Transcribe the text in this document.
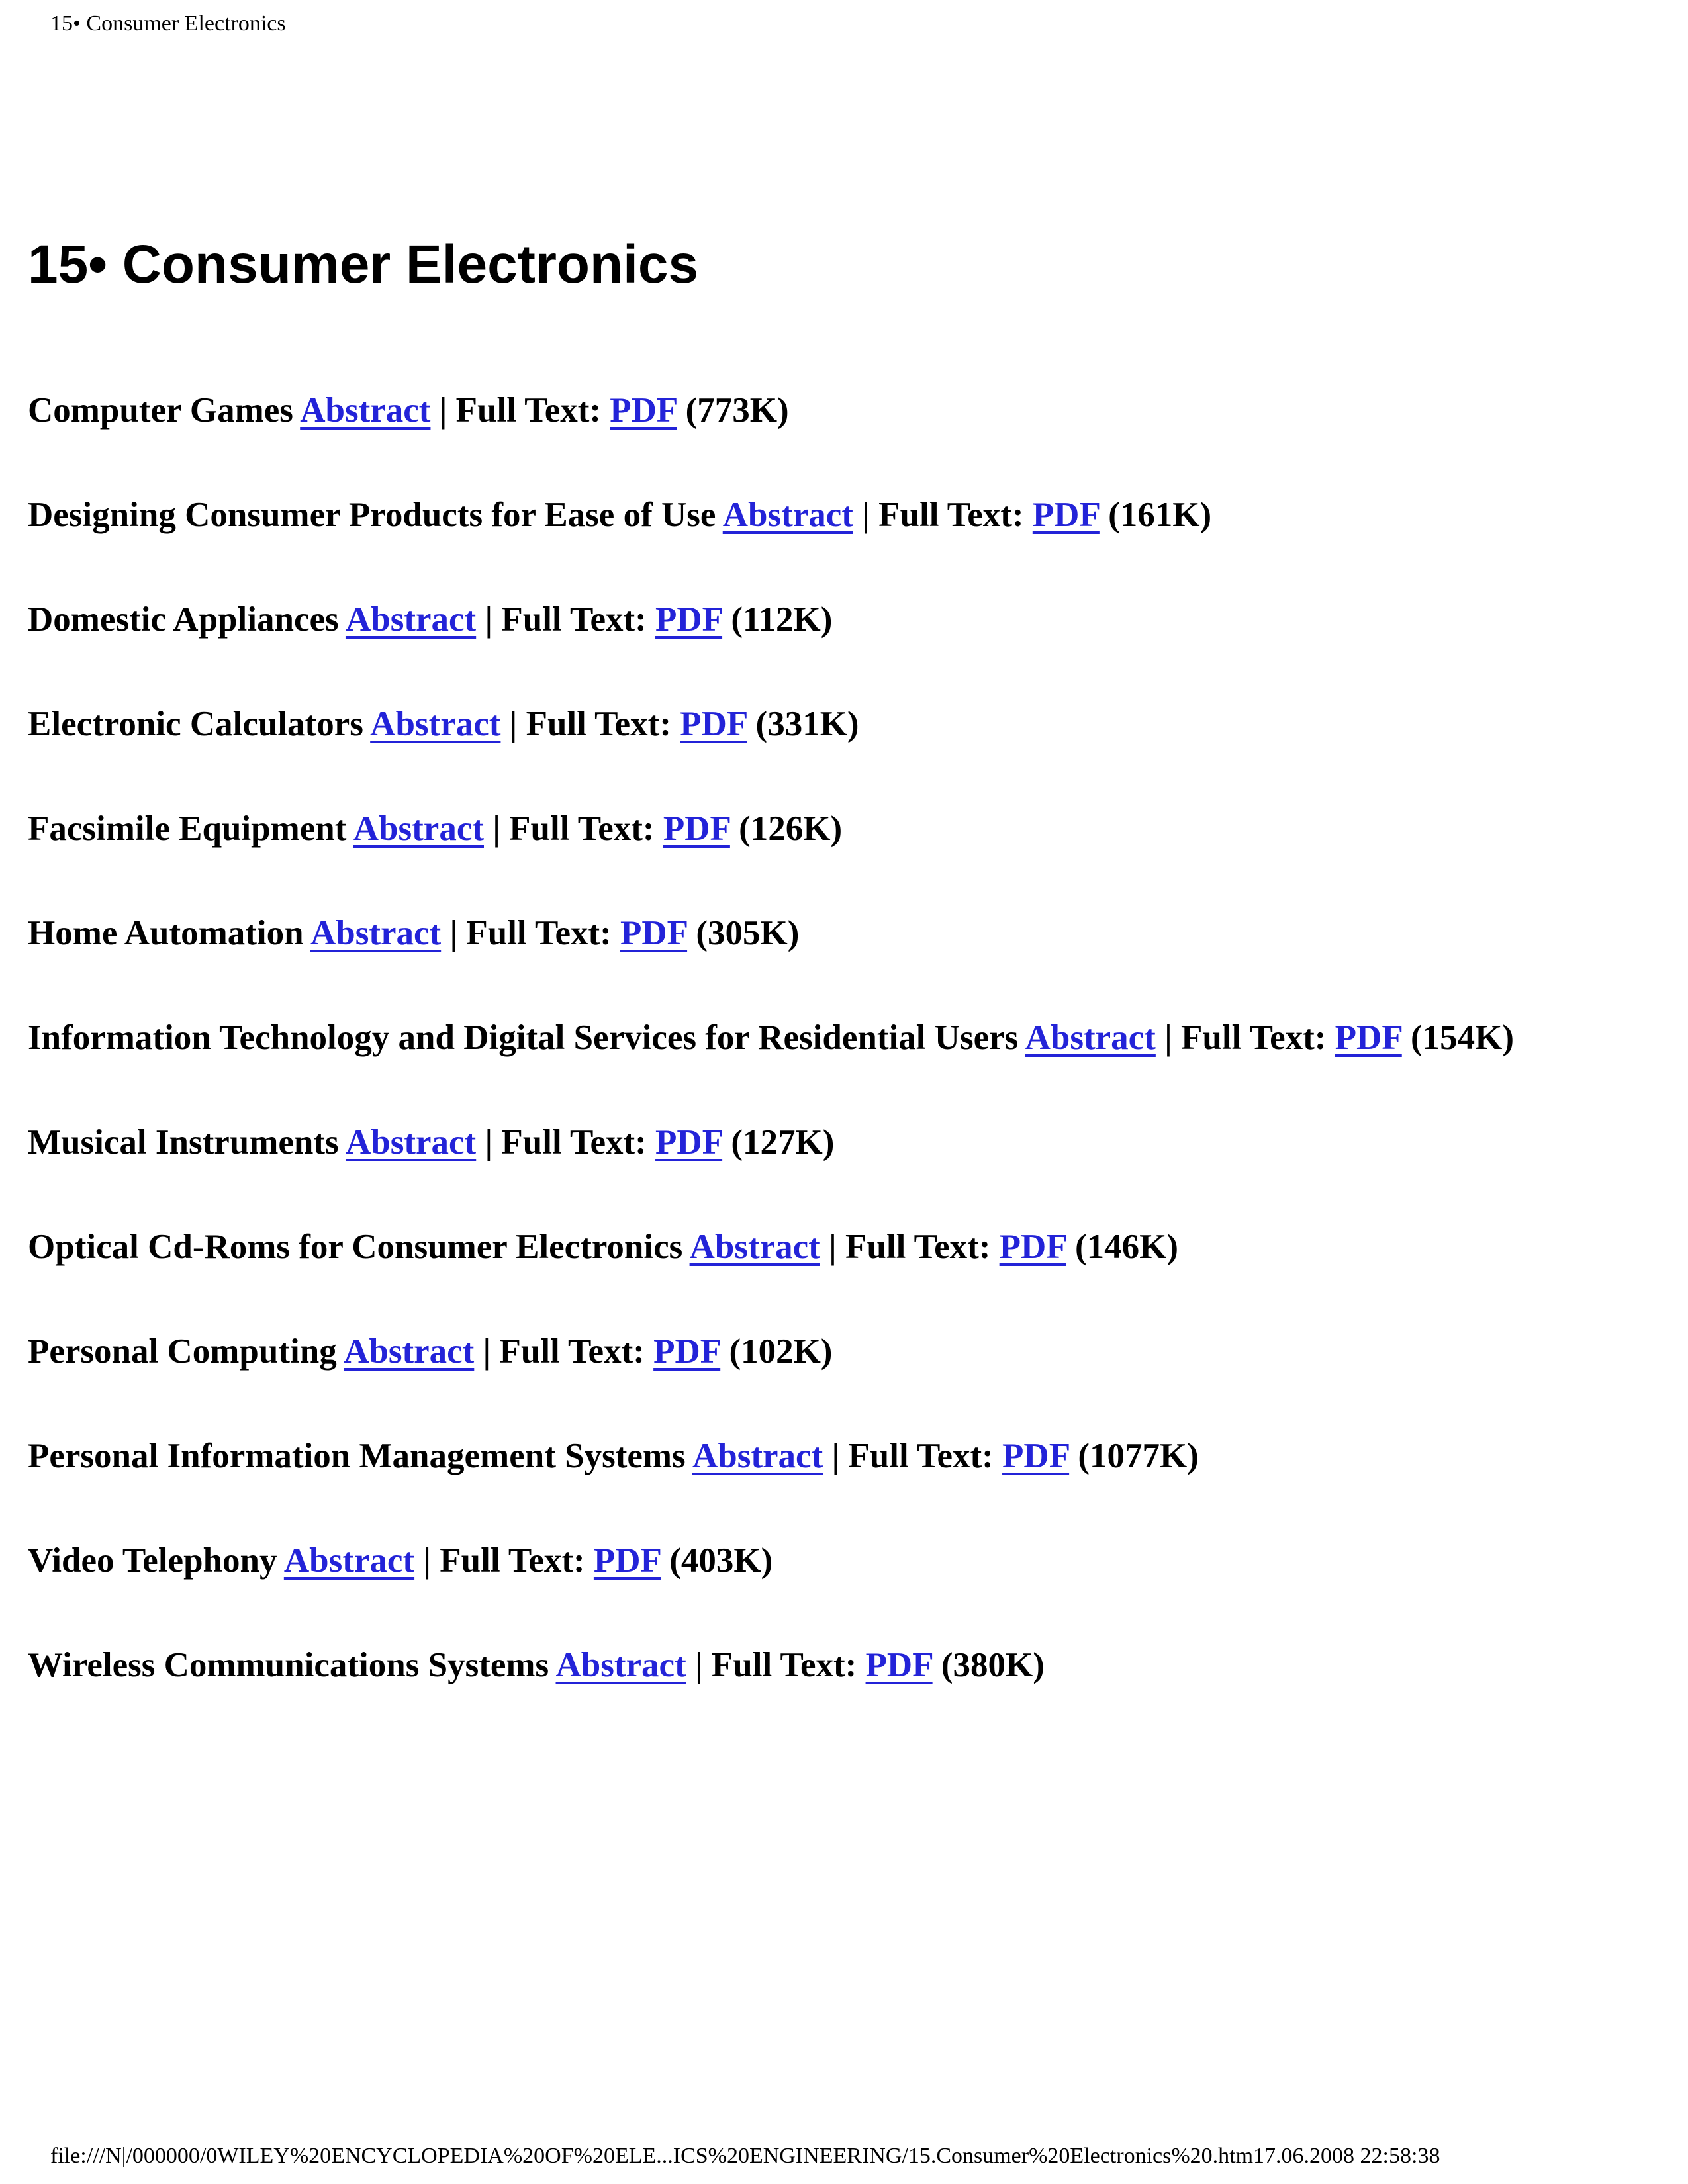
15• Consumer Electronics
15• Consumer Electronics
Computer Games Abstract | Full Text: PDF (773K)
Designing Consumer Products for Ease of Use Abstract | Full Text: PDF (161K)
Domestic Appliances Abstract | Full Text: PDF (112K)
Electronic Calculators Abstract | Full Text: PDF (331K)
Facsimile Equipment Abstract | Full Text: PDF (126K)
Home Automation Abstract | Full Text: PDF (305K)
Information Technology and Digital Services for Residential Users Abstract | Full Text: PDF (154K)
Musical Instruments Abstract | Full Text: PDF (127K)
Optical Cd-Roms for Consumer Electronics Abstract | Full Text: PDF (146K)
Personal Computing Abstract | Full Text: PDF (102K)
Personal Information Management Systems Abstract | Full Text: PDF (1077K)
Video Telephony Abstract | Full Text: PDF (403K)
Wireless Communications Systems Abstract | Full Text: PDF (380K)
file:///N|/000000/0WILEY%20ENCYCLOPEDIA%20OF%20ELE...ICS%20ENGINEERING/15.Consumer%20Electronics%20.htm17.06.2008 22:58:38
